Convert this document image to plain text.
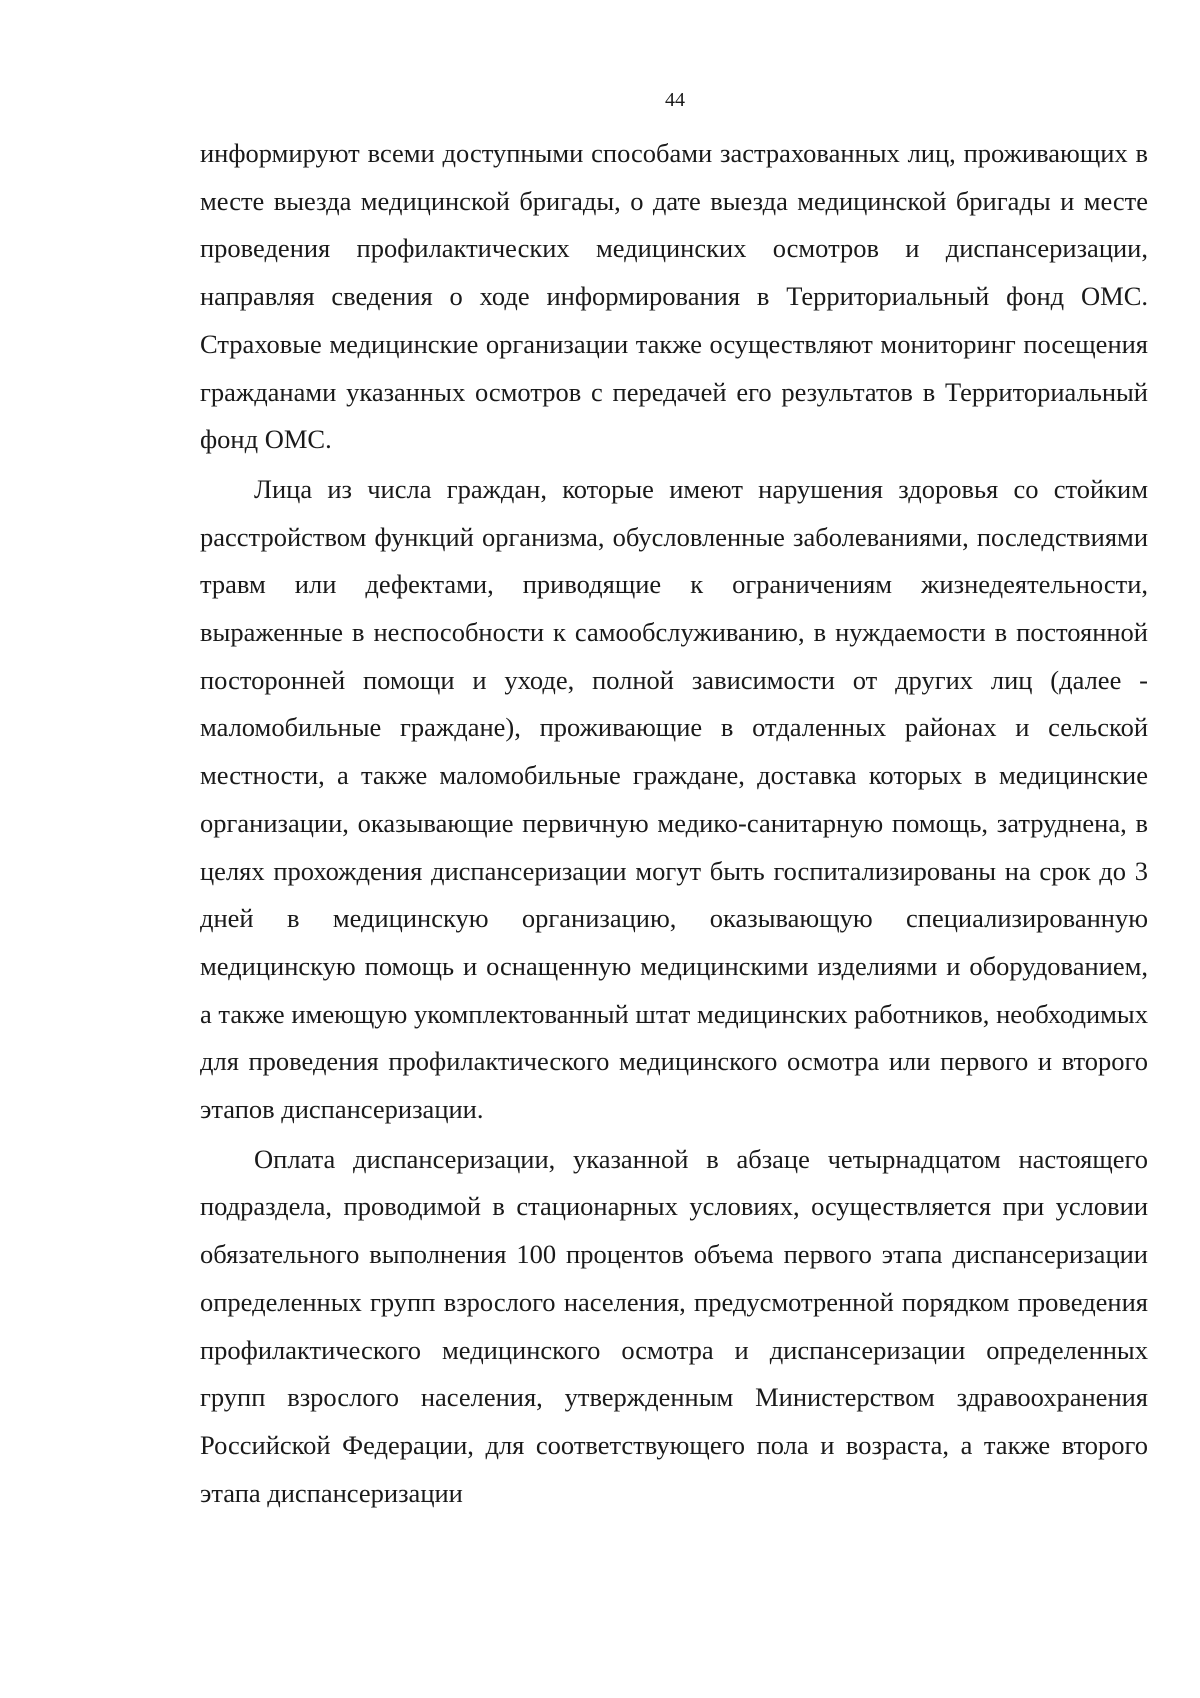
44

информируют всеми доступными способами застрахованных лиц, проживающих в месте выезда медицинской бригады, о дате выезда медицинской бригады и месте проведения профилактических медицинских осмотров и диспансеризации, направляя сведения о ходе информирования в Территориальный фонд ОМС. Страховые медицинские организации также осуществляют мониторинг посещения гражданами указанных осмотров с передачей его результатов в Территориальный фонд ОМС.

Лица из числа граждан, которые имеют нарушения здоровья со стойким расстройством функций организма, обусловленные заболеваниями, последствиями травм или дефектами, приводящие к ограничениям жизнедеятельности, выраженные в неспособности к самообслуживанию, в нуждаемости в постоянной посторонней помощи и уходе, полной зависимости от других лиц (далее - маломобильные граждане), проживающие в отдаленных районах и сельской местности, а также маломобильные граждане, доставка которых в медицинские организации, оказывающие первичную медико-санитарную помощь, затруднена, в целях прохождения диспансеризации могут быть госпитализированы на срок до 3 дней в медицинскую организацию, оказывающую специализированную медицинскую помощь и оснащенную медицинскими изделиями и оборудованием, а также имеющую укомплектованный штат медицинских работников, необходимых для проведения профилактического медицинского осмотра или первого и второго этапов диспансеризации.

Оплата диспансеризации, указанной в абзаце четырнадцатом настоящего подраздела, проводимой в стационарных условиях, осуществляется при условии обязательного выполнения 100 процентов объема первого этапа диспансеризации определенных групп взрослого населения, предусмотренной порядком проведения профилактического медицинского осмотра и диспансеризации определенных групп взрослого населения, утвержденным Министерством здравоохранения Российской Федерации, для соответствующего пола и возраста, а также второго этапа диспансеризации
